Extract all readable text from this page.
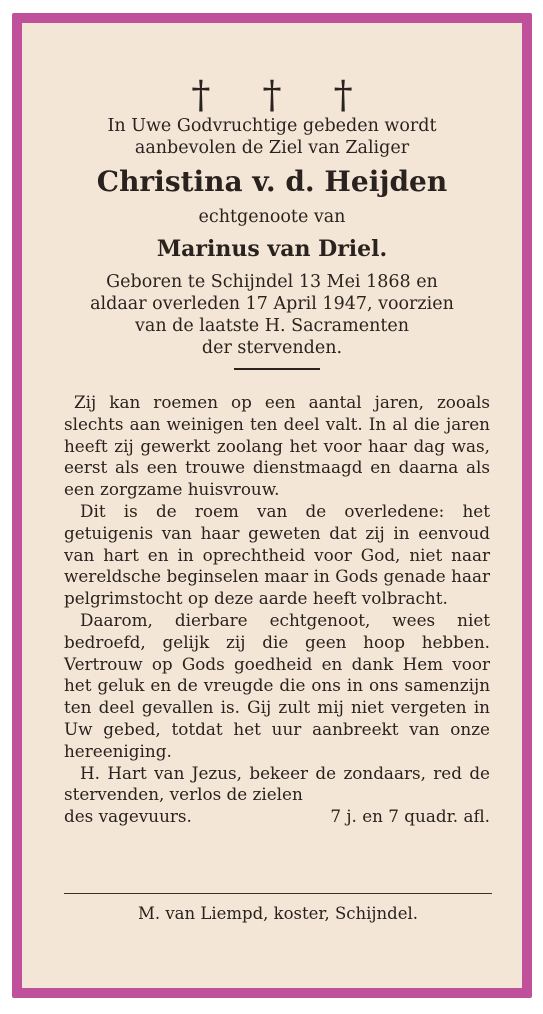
† † †
In Uwe Godvruchtige gebeden wordt
aanbevolen de Ziel van Zaliger
Christina v. d. Heijden
echtgenoote van
Marinus van Driel.
Geboren te Schijndel 13 Mei 1868 en
aldaar overleden 17 April 1947, voorzien
van de laatste H. Sacramenten
der stervenden.

Zij kan roemen op een aantal jaren, zooals slechts aan weinigen ten deel valt. In al die jaren heeft zij gewerkt zoolang het voor haar dag was, eerst als een trouwe dienstmaagd en daarna als een zorgzame huisvrouw.

Dit is de roem van de overledene: het getuigenis van haar geweten dat zij in eenvoud van hart en in oprechtheid voor God, niet naar wereldsche beginselen maar in Gods genade haar pelgrimstocht op deze aarde heeft volbracht.

Daarom, dierbare echtgenoot, wees niet bedroefd, gelijk zij die geen hoop hebben. Vertrouw op Gods goedheid en dank Hem voor het geluk en de vreugde die ons in ons samenzijn ten deel gevallen is. Gij zult mij niet vergeten in Uw gebed, totdat het uur aanbreekt van onze hereeniging.

H. Hart van Jezus, bekeer de zondaars, red de stervenden, verlos de zielen

des vagevuurs.	7 j. en 7 quadr. afl.
M. van Liempd, koster, Schijndel.
